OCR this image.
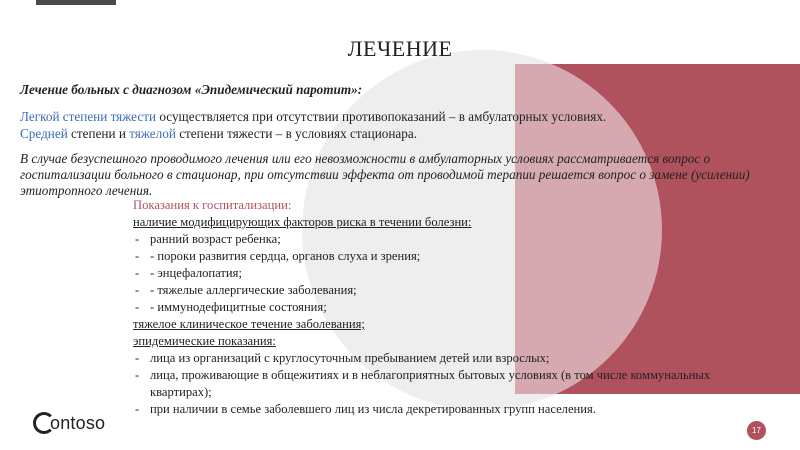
ЛЕЧЕНИЕ
Лечение больных с диагнозом «Эпидемический паротит»:
Легкой степени тяжести осуществляется при отсутствии противопоказаний – в амбулаторных условиях.
Средней степени и тяжелой степени тяжести – в условиях стационара.
В случае безуспешного проводимого лечения или его невозможности в амбулаторных условиях рассматривается вопрос о госпитализации больного в стационар, при отсутствии эффекта от проводимой терапии решается вопрос о замене (усилении) этиотропного лечения.
Показания к госпитализации:
наличие модифицирующих факторов риска в течении болезни:
- ранний возраст ребенка;
- - пороки развития сердца, органов слуха и зрения;
- - энцефалопатия;
- - тяжелые аллергические заболевания;
- - иммунодефицитные состояния;
тяжелое клиническое течение заболевания;
эпидемические показания:
- лица из организаций с круглосуточным пребыванием детей или взрослых;
- лица, проживающие в общежитиях и в неблагоприятных бытовых условиях (в том числе коммунальных квартирах);
- при наличии в семье заболевшего лиц из числа декретированных групп населения.
ontoso	17
